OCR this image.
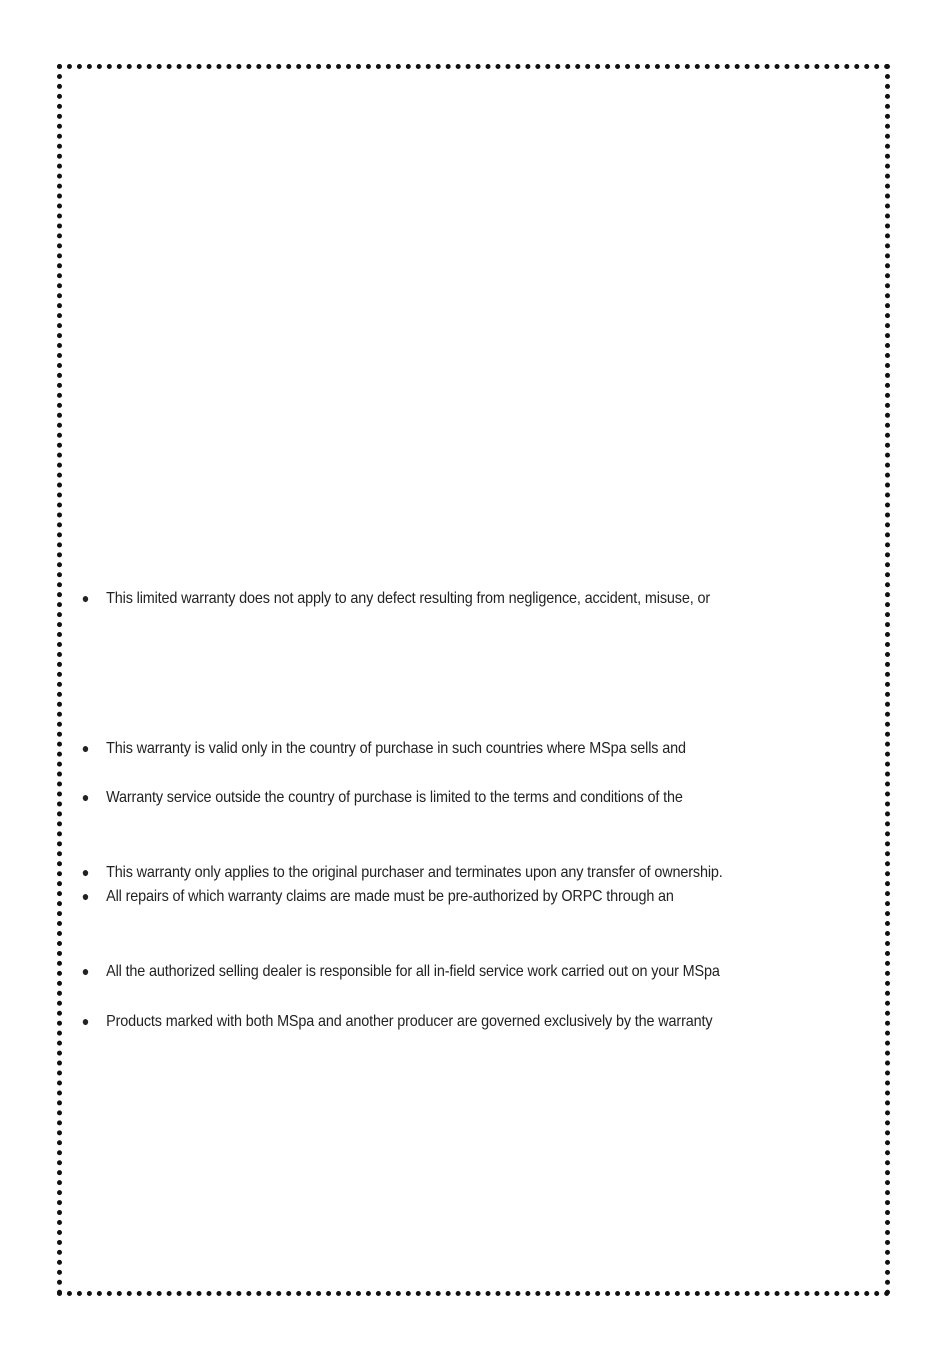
●	This limited warranty does not apply to any defect resulting from negligence, accident, misuse, or
●	This warranty is valid only in the country of purchase in such countries where MSpa sells and
●	Warranty service outside the country of purchase is limited to the terms and conditions of the
●	This warranty only applies to the original purchaser and terminates upon any transfer of ownership.
●	All repairs of which warranty claims are made must be pre-authorized by ORPC through an
●	All the authorized selling dealer is responsible for all in-field service work carried out on your MSpa
●	Products marked with both MSpa and another producer are governed exclusively by the warranty
